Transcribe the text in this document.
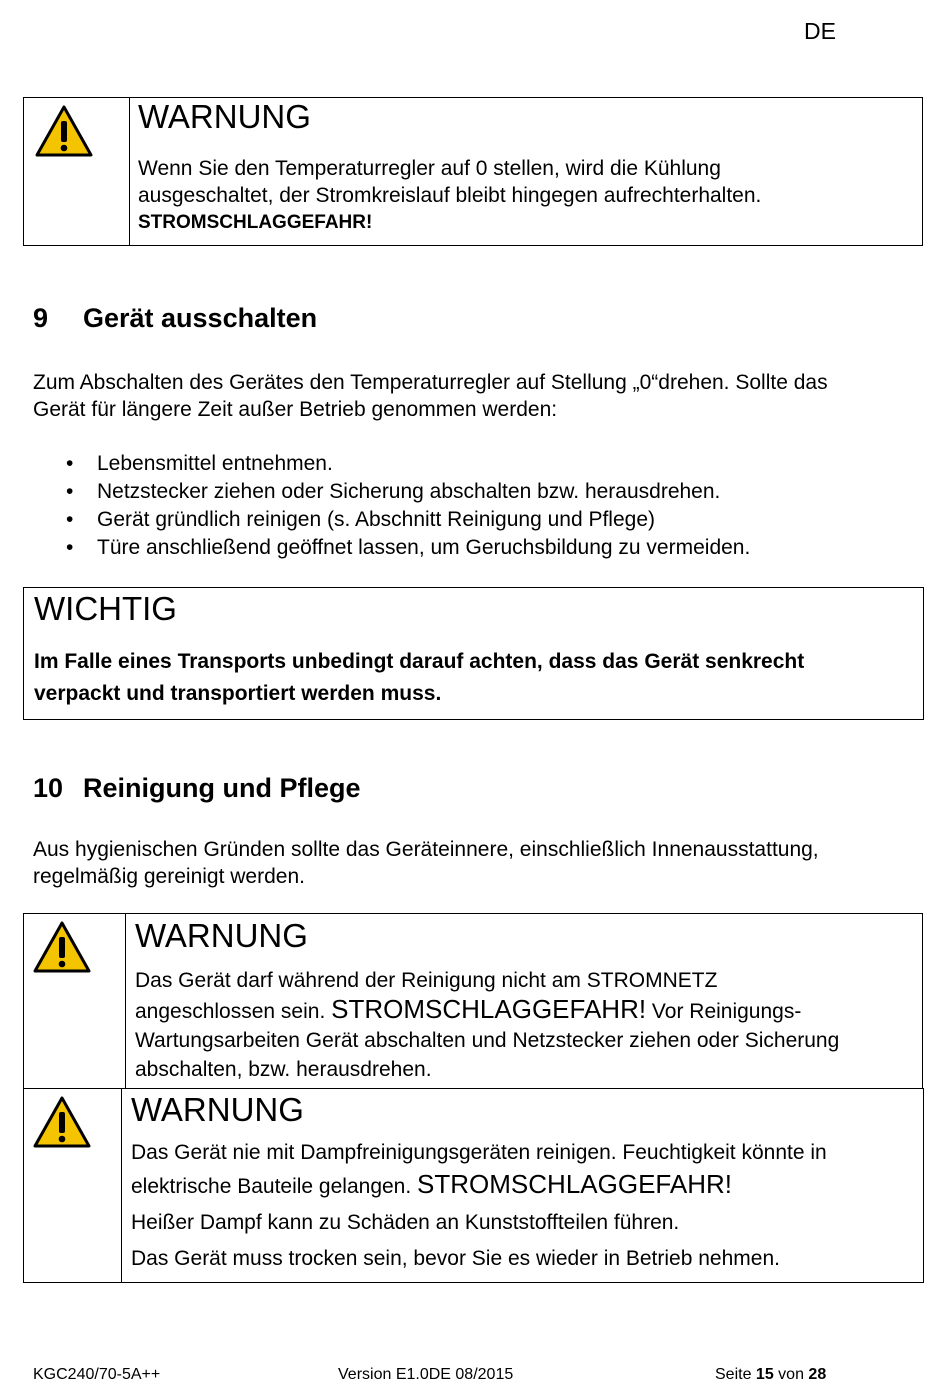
DE
WARNUNG
Wenn Sie den Temperaturregler auf 0 stellen, wird die Kühlung
ausgeschaltet, der Stromkreislauf bleibt hingegen aufrechterhalten.
STROMSCHLAGGEFAHR!
9 Gerät ausschalten
Zum Abschalten des Gerätes den Temperaturregler auf Stellung „0“drehen. Sollte das
Gerät für längere Zeit außer Betrieb genommen werden:
• Lebensmittel entnehmen.
• Netzstecker ziehen oder Sicherung abschalten bzw. herausdrehen.
• Gerät gründlich reinigen (s. Abschnitt Reinigung und Pflege)
• Türe anschließend geöffnet lassen, um Geruchsbildung zu vermeiden.
WICHTIG
Im Falle eines Transports unbedingt darauf achten, dass das Gerät senkrecht
verpackt und transportiert werden muss.
10 Reinigung und Pflege
Aus hygienischen Gründen sollte das Geräteinnere, einschließlich Innenausstattung,
regelmäßig gereinigt werden.
WARNUNG
Das Gerät darf während der Reinigung nicht am STROMNETZ
angeschlossen sein. STROMSCHLAGGEFAHR! Vor Reinigungs-
Wartungsarbeiten Gerät abschalten und Netzstecker ziehen oder Sicherung
abschalten, bzw. herausdrehen.
WARNUNG
Das Gerät nie mit Dampfreinigungsgeräten reinigen. Feuchtigkeit könnte in
elektrische Bauteile gelangen. STROMSCHLAGGEFAHR!
Heißer Dampf kann zu Schäden an Kunststoffteilen führen.
Das Gerät muss trocken sein, bevor Sie es wieder in Betrieb nehmen.
KGC240/70-5A++	Version E1.0DE 08/2015	Seite 15 von 28
